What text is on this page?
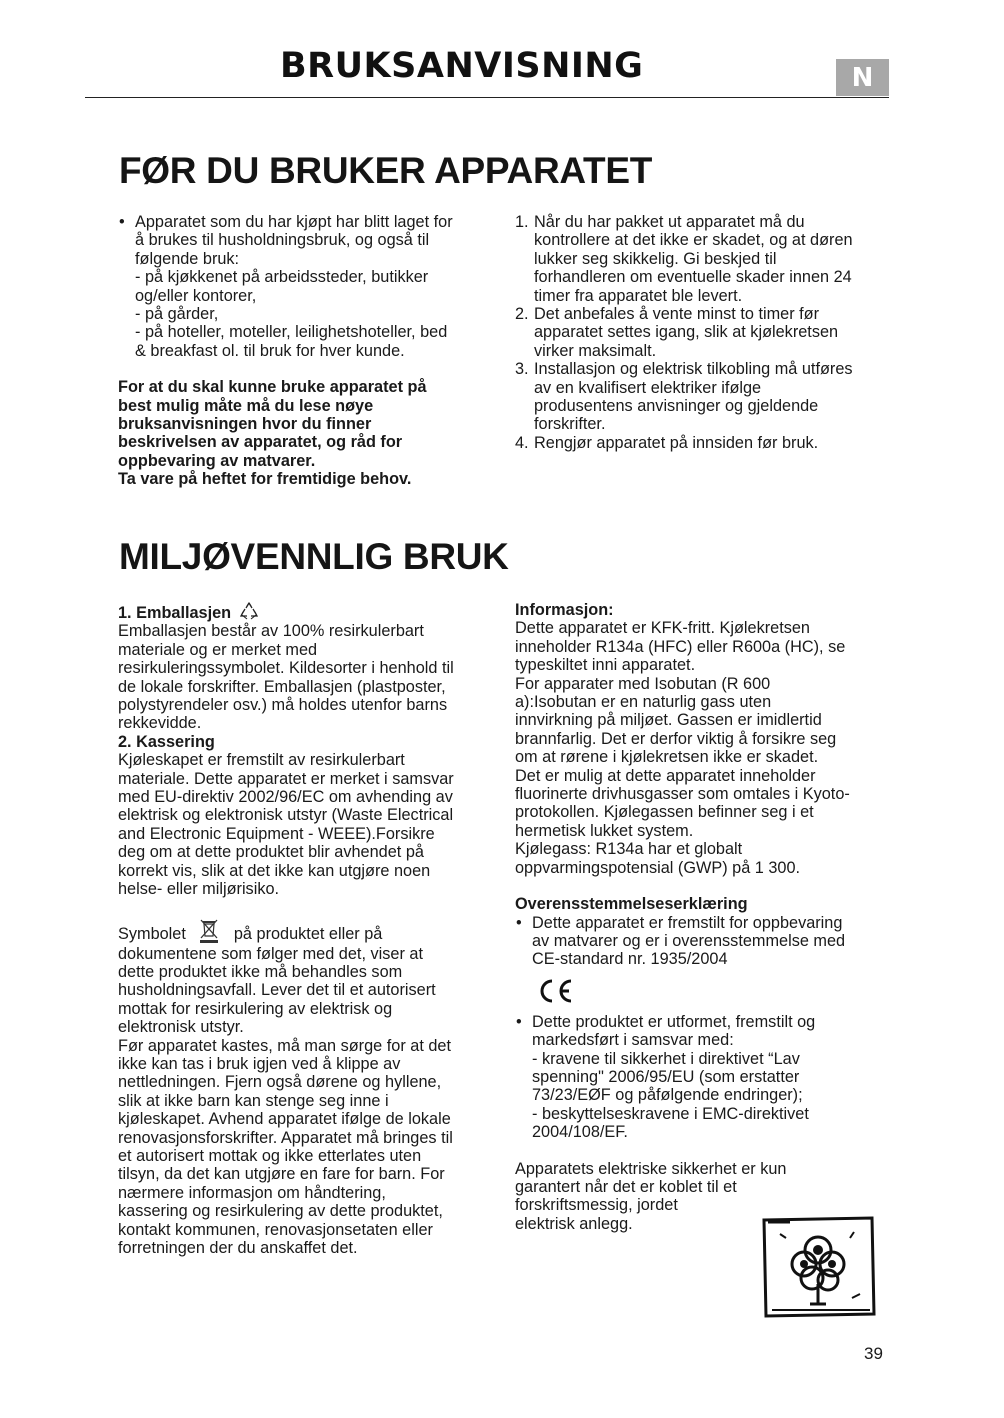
BRUKSANVISNING	N
FØR DU BRUKER APPARATET
• Apparatet som du har kjøpt har blitt laget for

å brukes til husholdningsbruk, og også til

følgende bruk:

- på kjøkkenet på arbeidssteder, butikker

og/eller kontorer,

- på gårder,

- på hoteller, moteller, leilighetshoteller, bed

& breakfast ol. til bruk for hver kunde.

For at du skal kunne bruke apparatet på

best mulig måte må du lese nøye

bruksanvisningen hvor du finner

beskrivelsen av apparatet, og råd for

oppbevaring av matvarer.

Ta vare på heftet for fremtidige behov.

1. Når du har pakket ut apparatet må du

kontrollere at det ikke er skadet, og at døren

lukker seg skikkelig. Gi beskjed til

forhandleren om eventuelle skader innen 24

timer fra apparatet ble levert.

2. Det anbefales å vente minst to timer før

apparatet settes igang, slik at kjølekretsen

virker maksimalt.

3. Installasjon og elektrisk tilkobling må utføres

av en kvalifisert elektriker ifølge

produsentens anvisninger og gjeldende

forskrifter.

4. Rengjør apparatet på innsiden før bruk.

MILJØVENNLIG BRUK

1. Emballasjen

Emballasjen består av 100% resirkulerbart

materiale og er merket med

resirkuleringssymbolet. Kildesorter i henhold til

de lokale forskrifter. Emballasjen (plastposter,

polystyrendeler osv.) må holdes utenfor barns

rekkevidde.

2. Kassering

Kjøleskapet er fremstilt av resirkulerbart

materiale. Dette apparatet er merket i samsvar

med EU-direktiv 2002/96/EC om avhending av

elektrisk og elektronisk utstyr (Waste Electrical

and Electronic Equipment - WEEE).Forsikre

deg om at dette produktet blir avhendet på

korrekt vis, slik at det ikke kan utgjøre noen

helse- eller miljørisiko.

Symbolet	på produktet eller på

dokumentene som følger med det, viser at

dette produktet ikke må behandles som

husholdningsavfall. Lever det til et autorisert

mottak for resirkulering av elektrisk og

elektronisk utstyr.

Før apparatet kastes, må man sørge for at det

ikke kan tas i bruk igjen ved å klippe av

nettledningen. Fjern også dørene og hyllene,

slik at ikke barn kan stenge seg inne i

kjøleskapet. Avhend apparatet ifølge de lokale

renovasjonsforskrifter. Apparatet må bringes til

et autorisert mottak og ikke etterlates uten

tilsyn, da det kan utgjøre en fare for barn. For

nærmere informasjon om håndtering,

kassering og resirkulering av dette produktet,

kontakt kommunen, renovasjonsetaten eller

forretningen der du anskaffet det.

Informasjon:

Dette apparatet er KFK-fritt. Kjølekretsen

inneholder R134a (HFC) eller R600a (HC), se

typeskiltet inni apparatet.

For apparater med Isobutan (R 600

a):Isobutan er en naturlig gass uten

innvirkning på miljøet. Gassen er imidlertid

brannfarlig. Det er derfor viktig å forsikre seg

om at rørene i kjølekretsen ikke er skadet.

Det er mulig at dette apparatet inneholder

fluorinerte drivhusgasser som omtales i Kyoto-

protokollen. Kjølegassen befinner seg i et

hermetisk lukket system.

Kjølegass: R134a har et globalt

oppvarmingspotensial (GWP) på 1 300.

Overensstemmelseserklæring

• Dette apparatet er fremstilt for oppbevaring

av matvarer og er i overensstemmelse med

CE-standard nr. 1935/2004

• Dette produktet er utformet, fremstilt og

markedsført i samsvar med:

- kravene til sikkerhet i direktivet “Lav

spenning" 2006/95/EU (som erstatter

73/23/EØF og påfølgende endringer);

- beskyttelseskravene i EMC-direktivet

2004/108/EF.

Apparatets elektriske sikkerhet er kun

garantert når det er koblet til et

forskriftsmessig, jordet

elektrisk anlegg.

39
